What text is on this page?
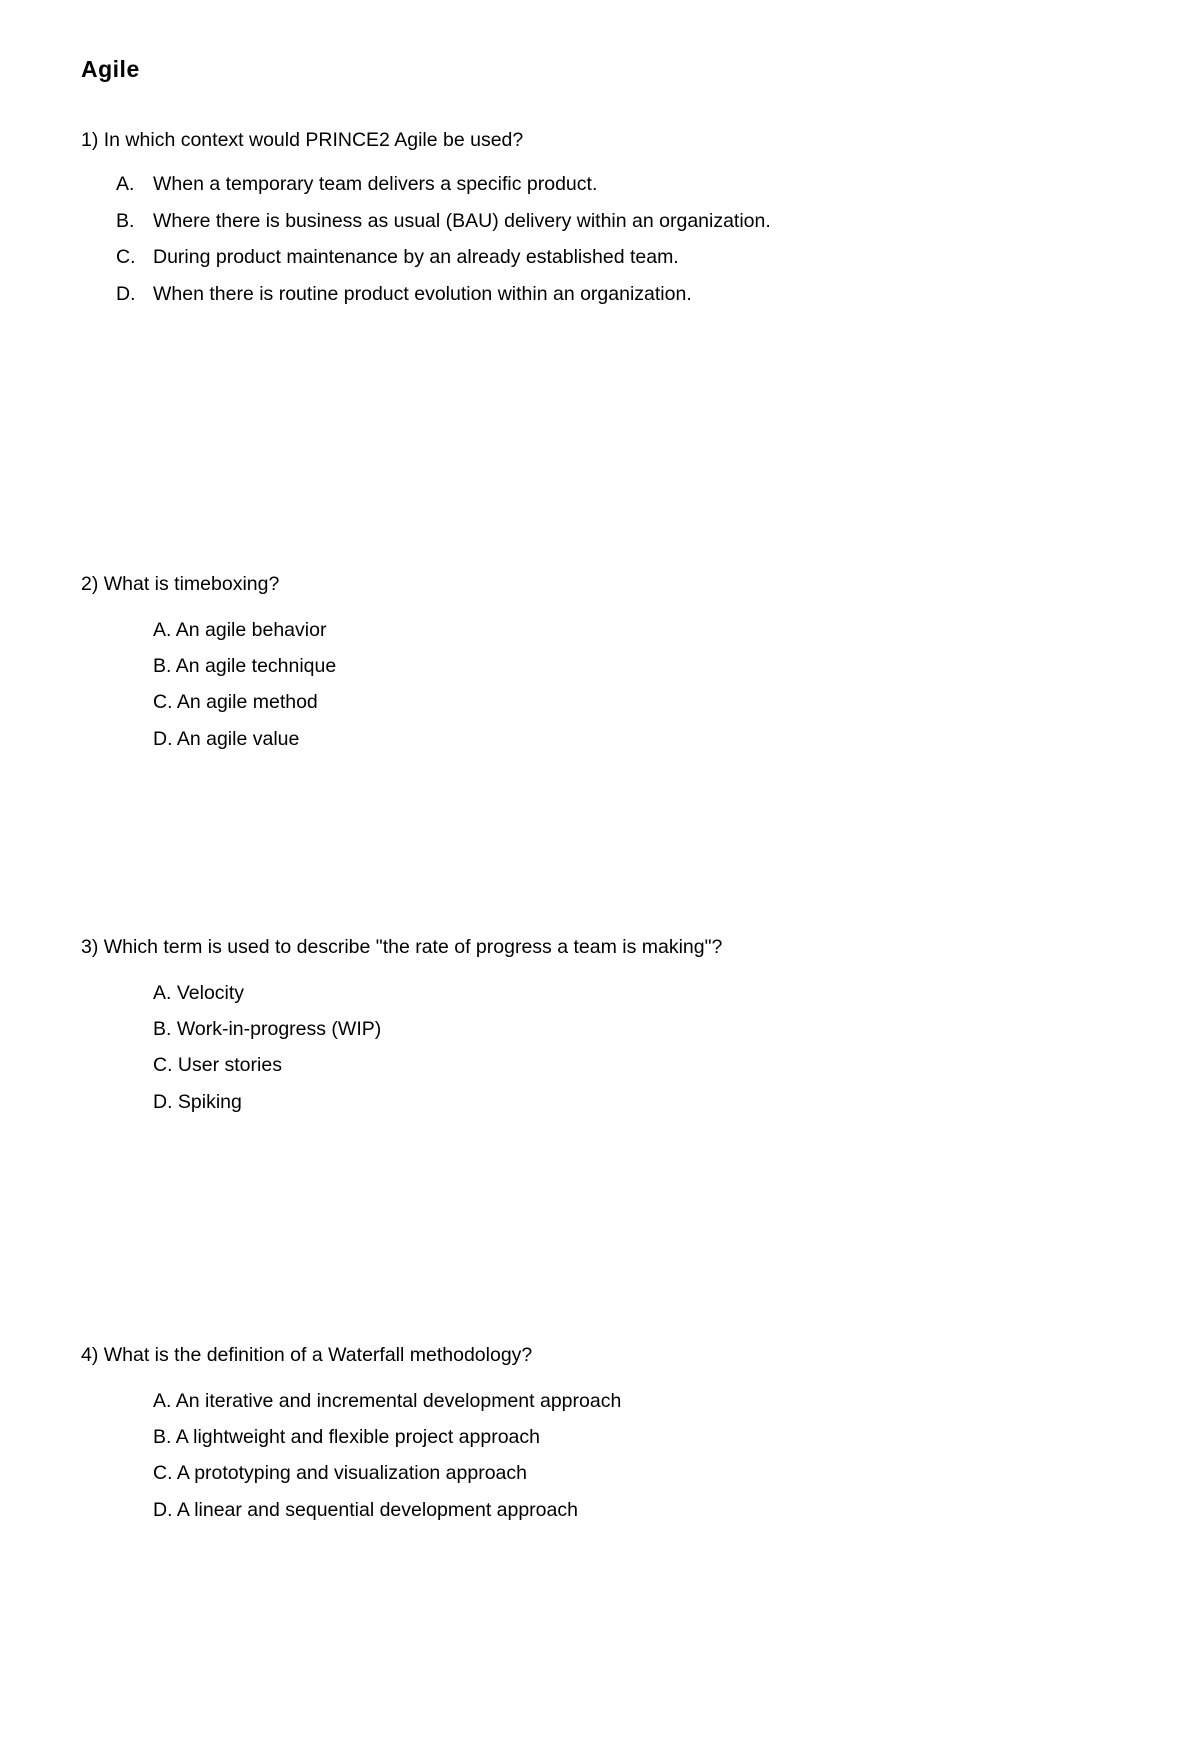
Agile

1) In which context would PRINCE2 Agile be used?

A. When a temporary team delivers a specific product.
B. Where there is business as usual (BAU) delivery within an organization.
C. During product maintenance by an already established team.
D. When there is routine product evolution within an organization.

2) What is timeboxing?

A. An agile behavior
B. An agile technique
C. An agile method
D. An agile value

3) Which term is used to describe "the rate of progress a team is making"?

A. Velocity
B. Work-in-progress (WIP)
C. User stories
D. Spiking

4) What is the definition of a Waterfall methodology?

A. An iterative and incremental development approach
B. A lightweight and flexible project approach
C. A prototyping and visualization approach
D. A linear and sequential development approach
